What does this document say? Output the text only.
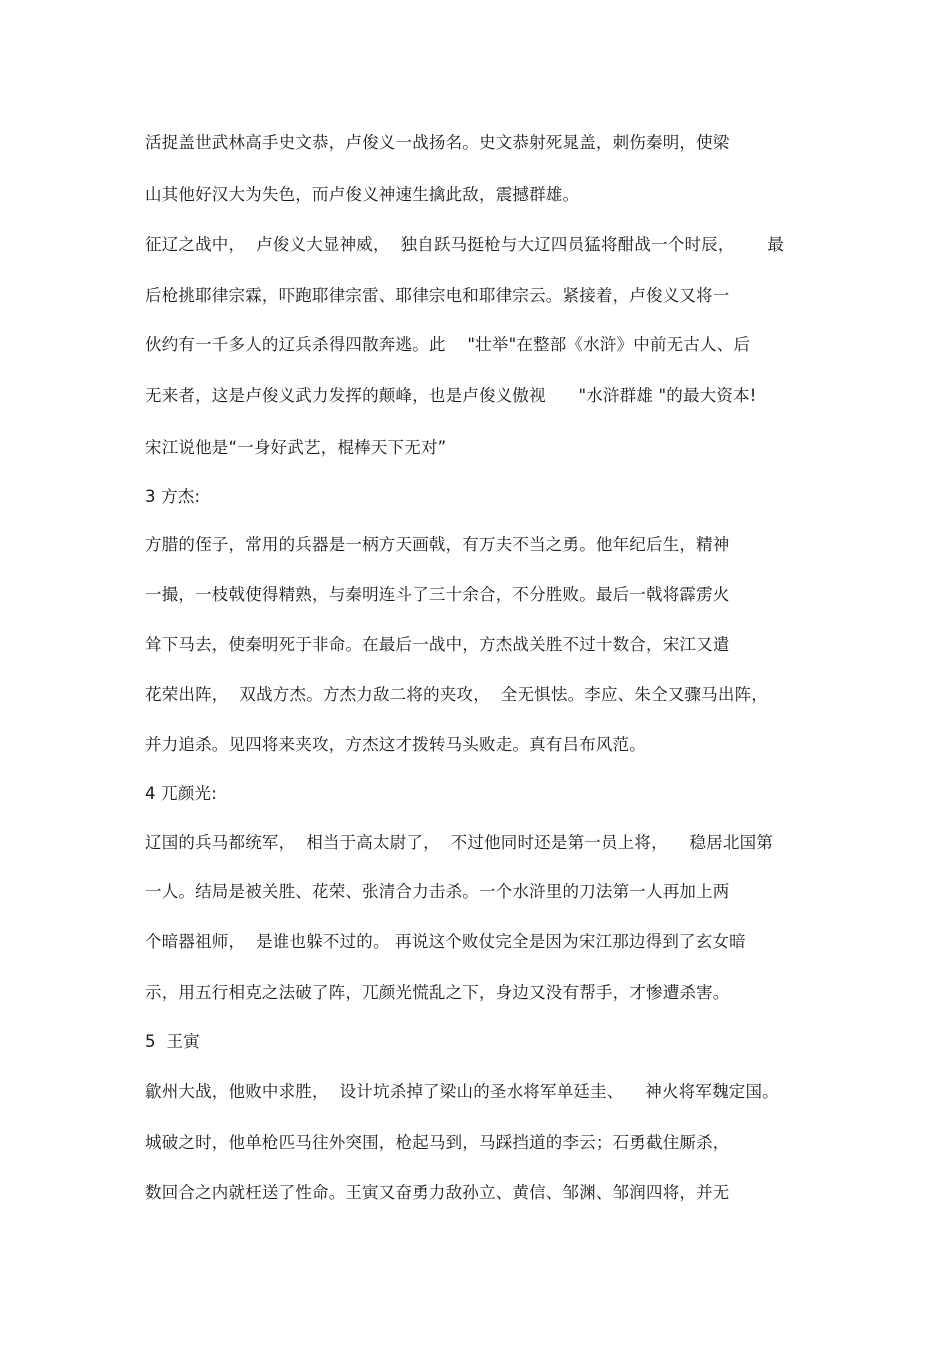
活捉盖世武林高手史文恭，卢俊义一战扬名。史文恭射死晁盖，刺伤秦明，使梁
山其他好汉大为失色，而卢俊义神速生擒此敌，震撼群雄。
征辽之战中，  卢俊义大显神威，  独自跃马挺枪与大辽四员猛将酣战一个时辰，      最
后枪挑耶律宗霖，吓跑耶律宗雷、耶律宗电和耶律宗云。紧接着，卢俊义又将一
伙约有一千多人的辽兵杀得四散奔逃。此    "壮举"在整部《水浒》中前无古人、后
无来者，这是卢俊义武力发挥的颠峰，也是卢俊义傲视      "水浒群雄 "的最大资本!
宋江说他是“一身好武艺，棍棒天下无对”
3 方杰:
方腊的侄子，常用的兵器是一柄方天画戟，有万夫不当之勇。他年纪后生，精神
一撮，一枝戟使得精熟，与秦明连斗了三十余合，不分胜败。最后一戟将霹雳火
耸下马去，使秦明死于非命。在最后一战中，方杰战关胜不过十数合，宋江又遣
花荣出阵，  双战方杰。方杰力敌二将的夹攻，  全无惧怯。李应、朱仝又骤马出阵，
并力追杀。见四将来夹攻，方杰这才拨转马头败走。真有吕布风范。
4 兀颜光:
辽国的兵马都统军，  相当于高太尉了，  不过他同时还是第一员上将，    稳居北国第
一人。结局是被关胜、花荣、张清合力击杀。一个水浒里的刀法第一人再加上两
个暗器祖师，  是谁也躲不过的。 再说这个败仗完全是因为宋江那边得到了玄女暗
示，用五行相克之法破了阵，兀颜光慌乱之下，身边又没有帮手，才惨遭杀害。
5  王寅
歙州大战，他败中求胜，  设计坑杀掉了梁山的圣水将军单廷圭、    神火将军魏定国。
城破之时，他单枪匹马往外突围，枪起马到，马踩挡道的李云；石勇截住厮杀，
数回合之内就枉送了性命。王寅又奋勇力敌孙立、黄信、邹渊、邹润四将，并无
